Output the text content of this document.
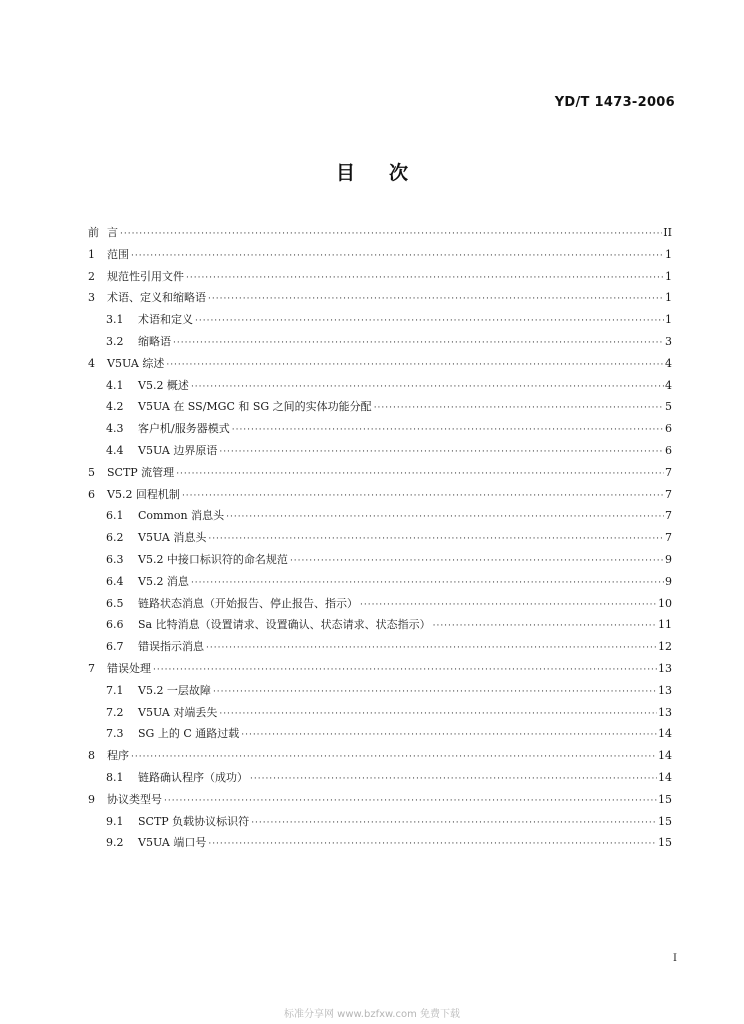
YD/T 1473-2006
目次
前 言 ·····	II
1	范围 ·····	1
2	规范性引用文件 ·····	1
3	术语、定义和缩略语 ·····	1
3.1	术语和定义 ·····	1
3.2	缩略语 ·····	3
4	V5UA 综述 ·····	4
4.1	V5.2 概述 ·····	4
4.2	V5UA 在 SS/MGC 和 SG 之间的实体功能分配 ·····	5
4.3	客户机/服务器模式 ·····	6
4.4	V5UA 边界原语 ·····	6
5	SCTP 流管理 ·····	7
6	V5.2 回程机制 ·····	7
6.1	Common 消息头 ·····	7
6.2	V5UA 消息头 ·····	7
6.3	V5.2 中接口标识符的命名规范 ·····	9
6.4	V5.2 消息 ·····	9
6.5	链路状态消息（开始报告、停止报告、指示） ·····	10
6.6	Sa 比特消息（设置请求、设置确认、状态请求、状态指示） ·····	11
6.7	错误指示消息 ·····	12
7	错误处理 ·····	13
7.1	V5.2 一层故障 ·····	13
7.2	V5UA 对端丢失 ·····	13
7.3	SG 上的 C 通路过载 ·····	14
8	程序 ·····	14
8.1	链路确认程序（成功） ·····	14
9	协议类型号 ·····	15
9.1	SCTP 负载协议标识符 ·····	15
9.2	V5UA 端口号 ·····	15
I
标准分享网 www.bzfxw.com 免费下载
